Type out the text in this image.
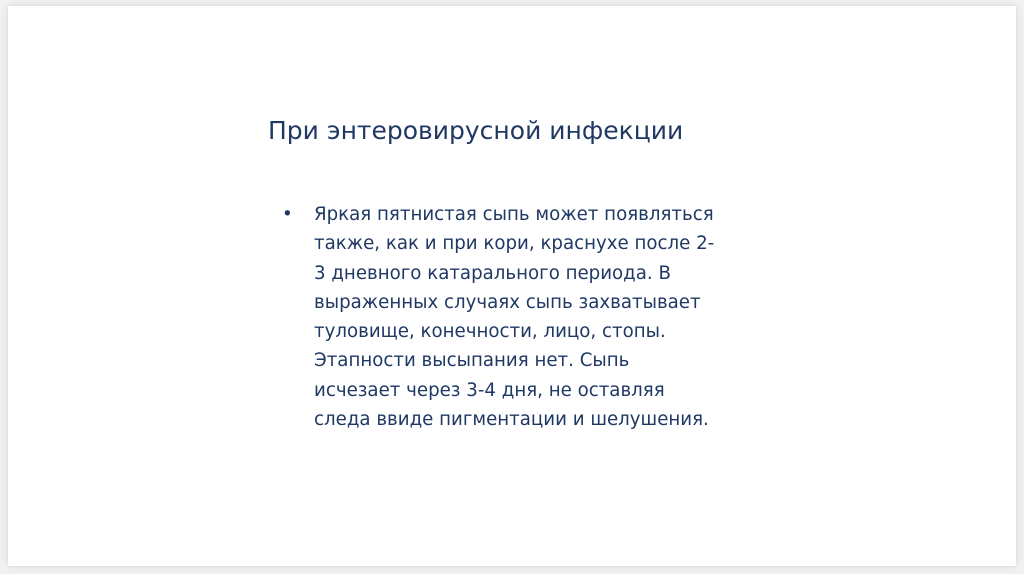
При энтеровирусной инфекции
• Яркая пятнистая сыпь может появляться
также, как и при кори, краснухе после 2-
3 дневного катарального периода. В
выраженных случаях сыпь захватывает
туловище, конечности, лицо, стопы.
Этапности высыпания нет. Сыпь
исчезает через 3-4 дня, не оставляя
следа ввиде пигментации и шелушения.
